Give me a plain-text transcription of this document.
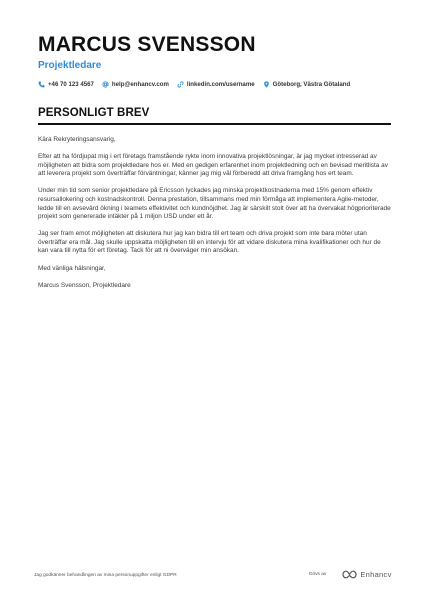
MARCUS SVENSSON
Projektledare
+46 70 123 4567	help@enhancv.com	linkedin.com/username	Göteborg, Västra Götaland
PERSONLIGT BREV

Kära Rekryteringsansvarig,

Efter att ha fördjupat mig i ert företags framstående rykte inom innovativa projektlösningar, är jag mycket intresserad av möjligheten att bidra som projektledare hos er. Med en gedigen erfarenhet inom projektledning och en bevisad meritlista av att leverera projekt som överträffar förväntningar, känner jag mig väl förberedd att driva framgång hos ert team.

Under min tid som senior projektledare på Ericsson lyckades jag minska projektkostnaderna med 15% genom effektiv resursallokering och kostnadskontroll. Denna prestation, tillsammans med min förmåga att implementera Agile-metoder, ledde till en avsevärd ökning i teamets effektivitet och kundnöjdhet. Jag är särskilt stolt över att ha övervakat högprioriterade projekt som genererade intäkter på 1 miljon USD under ett år.

Jag ser fram emot möjligheten att diskutera hur jag kan bidra till ert team och driva projekt som inte bara möter utan överträffar era mål. Jag skulle uppskatta möjligheten till en intervju för att vidare diskutera mina kvalifikationer och hur de kan vara till nytta för ert företag. Tack för att ni överväger min ansökan.

Med vänliga hälsningar,

Marcus Svensson, Projektledare

Jag godkänner behandlingen av mina personuppgifter enligt GDPR	Drivs av	Enhancv
